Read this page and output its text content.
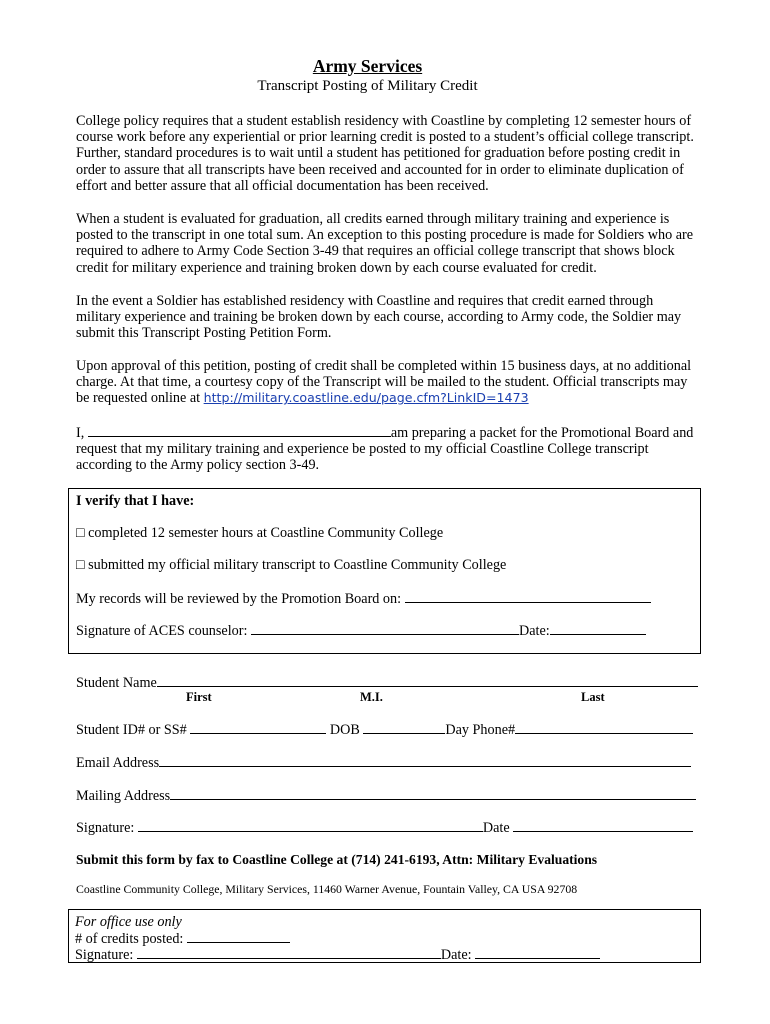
Army Services
Transcript Posting of Military Credit

College policy requires that a student establish residency with Coastline by completing 12 semester hours of course work before any experiential or prior learning credit is posted to a student’s official college transcript. Further, standard procedures is to wait until a student has petitioned for graduation before posting credit in order to assure that all transcripts have been received and accounted for in order to eliminate duplication of effort and better assure that all official documentation has been received.

When a student is evaluated for graduation, all credits earned through military training and experience is posted to the transcript in one total sum. An exception to this posting procedure is made for Soldiers who are required to adhere to Army Code Section 3-49 that requires an official college transcript that shows block credit for military experience and training broken down by each course evaluated for credit.

In the event a Soldier has established residency with Coastline and requires that credit earned through military experience and training be broken down by each course, according to Army code, the Soldier may submit this Transcript Posting Petition Form.

Upon approval of this petition, posting of credit shall be completed within 15 business days, at no additional charge. At that time, a courtesy copy of the Transcript will be mailed to the student. Official transcripts may be requested online at http://military.coastline.edu/page.cfm?LinkID=1473

I,	am preparing a packet for the Promotional Board and request that my military training and experience be posted to my official Coastline College transcript according to the Army policy section 3-49.

I verify that I have:
□ completed 12 semester hours at Coastline Community College
□ submitted my official military transcript to Coastline Community College
My records will be reviewed by the Promotion Board on:
Signature of ACES counselor:	Date:
Student Name
First	M.I.	Last
Student ID# or SS#	DOB	Day Phone#
Email Address
Mailing Address
Signature:	Date
Submit this form by fax to Coastline College at (714) 241-6193, Attn: Military Evaluations
Coastline Community College, Military Services, 11460 Warner Avenue, Fountain Valley, CA USA 92708
For office use only
# of credits posted:
Signature:	Date:
